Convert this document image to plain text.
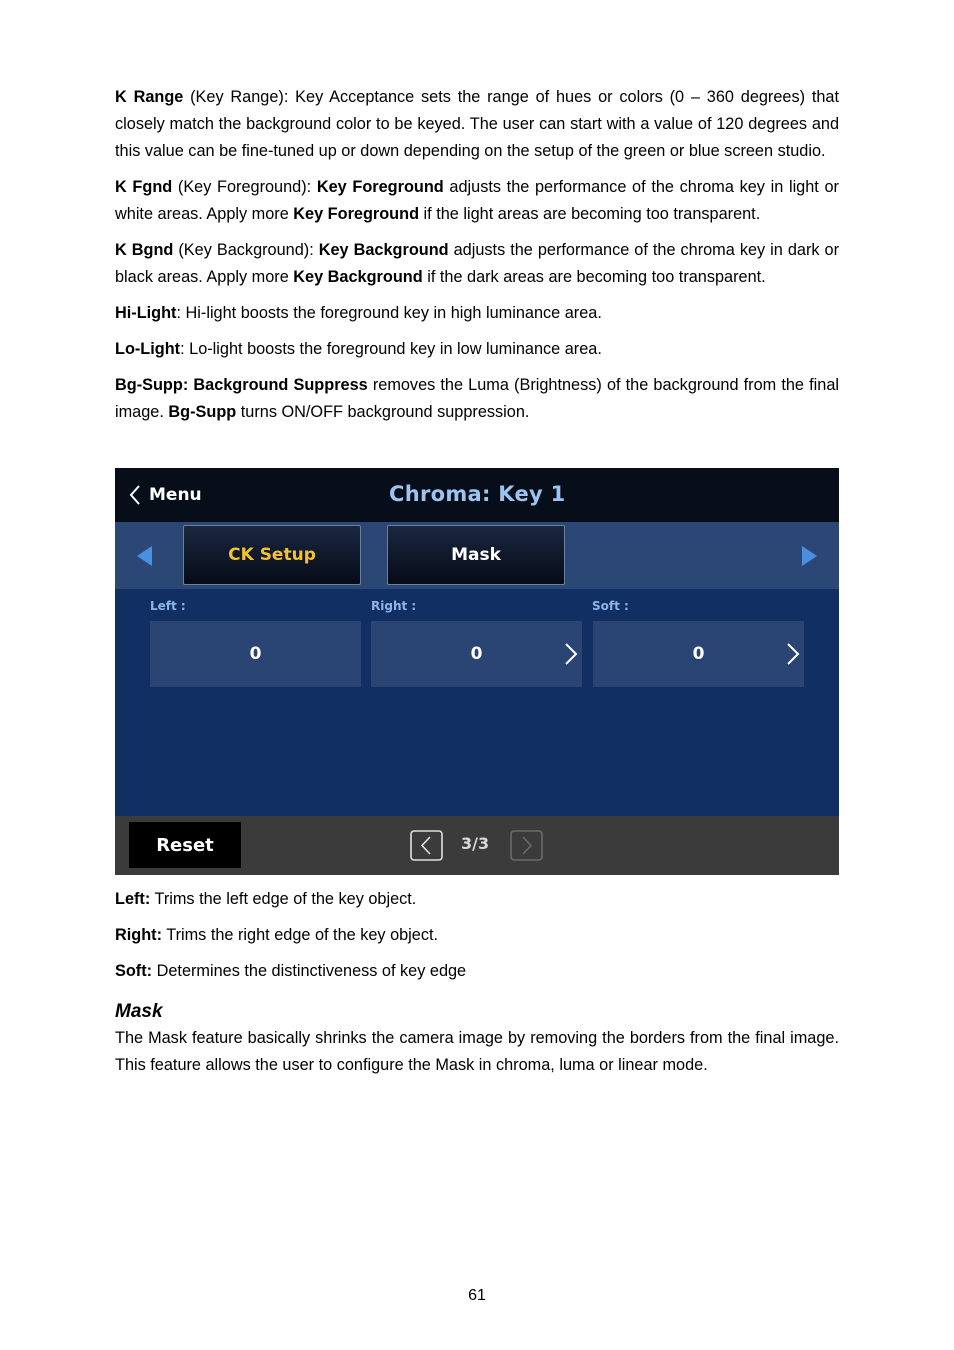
K Range (Key Range): Key Acceptance sets the range of hues or colors (0 – 360 degrees) that closely match the background color to be keyed. The user can start with a value of 120 degrees and this value can be fine-tuned up or down depending on the setup of the green or blue screen studio.

K Fgnd (Key Foreground): Key Foreground adjusts the performance of the chroma key in light or white areas. Apply more Key Foreground if the light areas are becoming too transparent.

K Bgnd (Key Background): Key Background adjusts the performance of the chroma key in dark or black areas. Apply more Key Background if the dark areas are becoming too transparent.

Hi-Light: Hi-light boosts the foreground key in high luminance area.

Lo-Light: Lo-light boosts the foreground key in low luminance area.

Bg-Supp: Background Suppress removes the Luma (Brightness) of the background from the final image. Bg-Supp turns ON/OFF background suppression.

Menu	Chroma: Key 1
CK Setup	Mask
Left :	Right :	Soft :
0	0	0
Reset	3/3

Left: Trims the left edge of the key object.

Right: Trims the right edge of the key object.

Soft: Determines the distinctiveness of key edge

Mask

The Mask feature basically shrinks the camera image by removing the borders from the final image. This feature allows the user to configure the Mask in chroma, luma or linear mode.

61
